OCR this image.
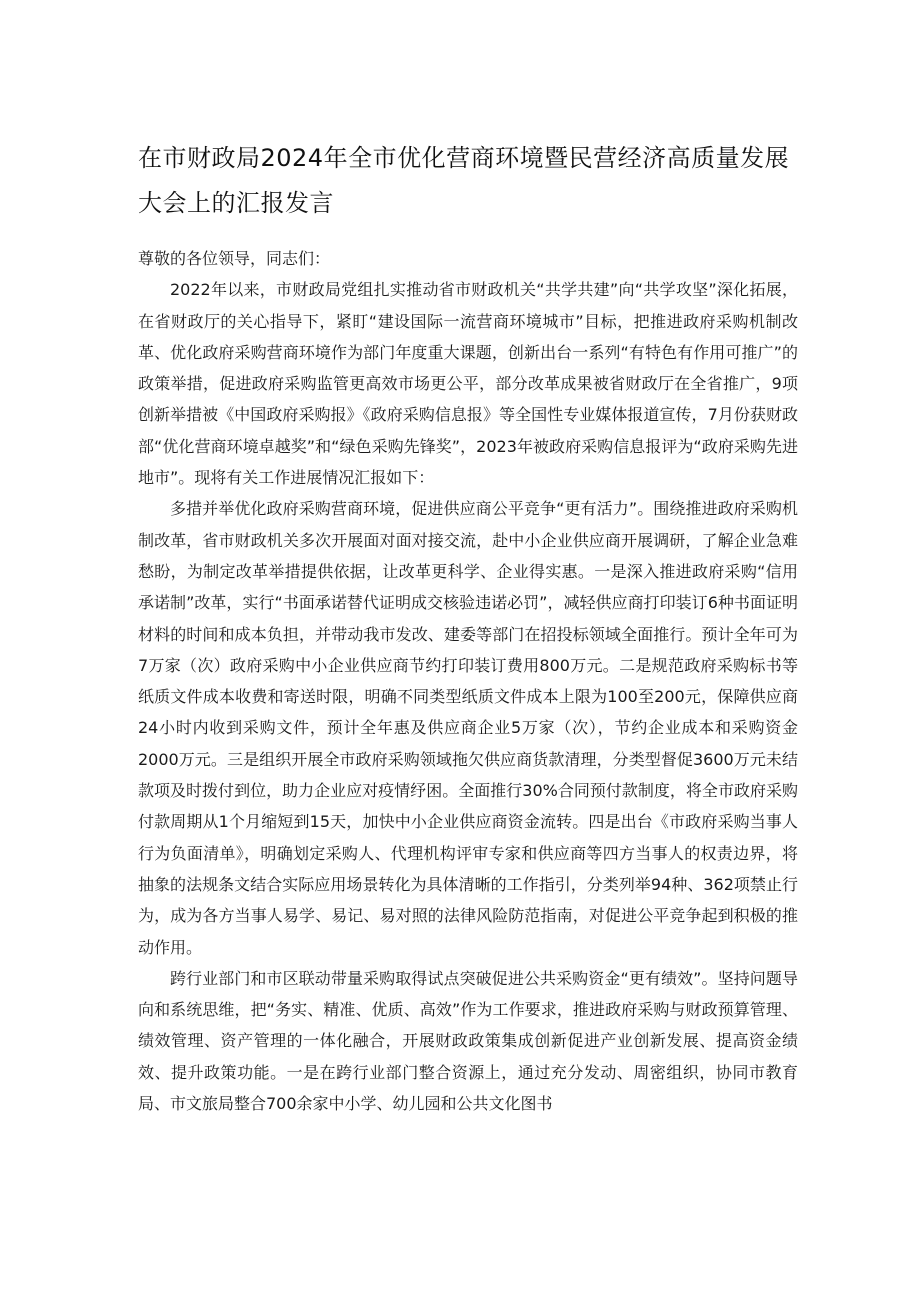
在市财政局2024年全市优化营商环境暨民营经济高质量发展大会上的汇报发言

尊敬的各位领导，同志们：

2022年以来，市财政局党组扎实推动省市财政机关“共学共建”向“共学攻坚”深化拓展，在省财政厅的关心指导下，紧盯“建设国际一流营商环境城市”目标，把推进政府采购机制改革、优化政府采购营商环境作为部门年度重大课题，创新出台一系列“有特色有作用可推广”的政策举措，促进政府采购监管更高效市场更公平，部分改革成果被省财政厅在全省推广，9项创新举措被《中国政府采购报》《政府采购信息报》等全国性专业媒体报道宣传，7月份获财政部“优化营商环境卓越奖”和“绿色采购先锋奖”，2023年被政府采购信息报评为“政府采购先进地市”。现将有关工作进展情况汇报如下：

多措并举优化政府采购营商环境，促进供应商公平竞争“更有活力”。围绕推进政府采购机制改革，省市财政机关多次开展面对面对接交流，赴中小企业供应商开展调研，了解企业急难愁盼，为制定改革举措提供依据，让改革更科学、企业得实惠。一是深入推进政府采购“信用承诺制”改革，实行“书面承诺替代证明成交核验违诺必罚”，减轻供应商打印装订6种书面证明材料的时间和成本负担，并带动我市发改、建委等部门在招投标领域全面推行。预计全年可为7万家（次）政府采购中小企业供应商节约打印装订费用800万元。二是规范政府采购标书等纸质文件成本收费和寄送时限，明确不同类型纸质文件成本上限为100至200元，保障供应商24小时内收到采购文件，预计全年惠及供应商企业5万家（次），节约企业成本和采购资金2000万元。三是组织开展全市政府采购领域拖欠供应商货款清理，分类型督促3600万元未结款项及时拨付到位，助力企业应对疫情纾困。全面推行30%合同预付款制度，将全市政府采购付款周期从1个月缩短到15天，加快中小企业供应商资金流转。四是出台《市政府采购当事人行为负面清单》，明确划定采购人、代理机构评审专家和供应商等四方当事人的权责边界，将抽象的法规条文结合实际应用场景转化为具体清晰的工作指引，分类列举94种、362项禁止行为，成为各方当事人易学、易记、易对照的法律风险防范指南，对促进公平竞争起到积极的推动作用。

跨行业部门和市区联动带量采购取得试点突破促进公共采购资金“更有绩效”。坚持问题导向和系统思维，把“务实、精准、优质、高效”作为工作要求，推进政府采购与财政预算管理、绩效管理、资产管理的一体化融合，开展财政政策集成创新促进产业创新发展、提高资金绩效、提升政策功能。一是在跨行业部门整合资源上，通过充分发动、周密组织，协同市教育局、市文旅局整合700余家中小学、幼儿园和公共文化图书
